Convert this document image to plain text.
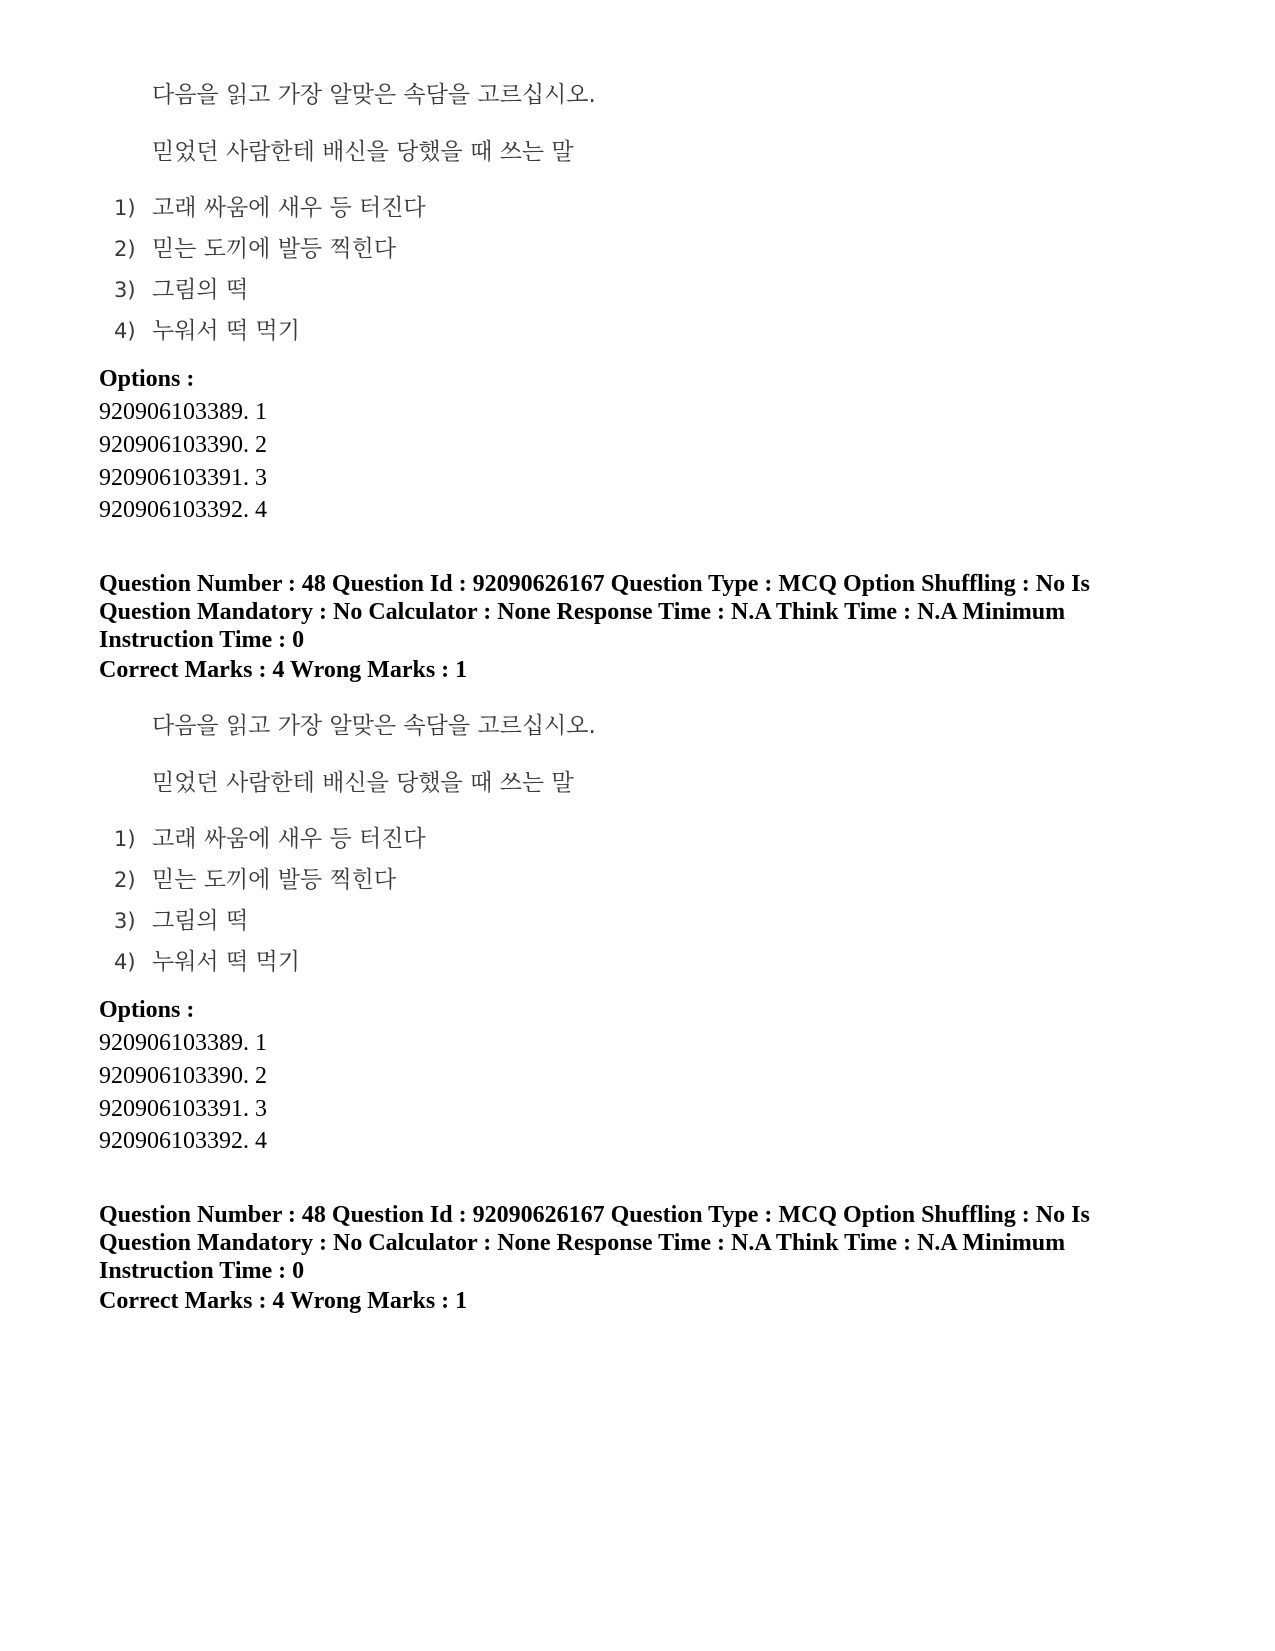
다음을 읽고 가장 알맞은 속담을 고르십시오.
믿었던 사람한테 배신을 당했을 때 쓰는 말
1) 고래 싸움에 새우 등 터진다
2) 믿는 도끼에 발등 찍힌다
3) 그림의 떡
4) 누워서 떡 먹기
Options :
920906103389. 1
920906103390. 2
920906103391. 3
920906103392. 4
Question Number : 48 Question Id : 92090626167 Question Type : MCQ Option Shuffling : No Is Question Mandatory : No Calculator : None Response Time : N.A Think Time : N.A Minimum Instruction Time : 0
Correct Marks : 4 Wrong Marks : 1
다음을 읽고 가장 알맞은 속담을 고르십시오.
믿었던 사람한테 배신을 당했을 때 쓰는 말
1) 고래 싸움에 새우 등 터진다
2) 믿는 도끼에 발등 찍힌다
3) 그림의 떡
4) 누워서 떡 먹기
Options :
920906103389. 1
920906103390. 2
920906103391. 3
920906103392. 4
Question Number : 48 Question Id : 92090626167 Question Type : MCQ Option Shuffling : No Is Question Mandatory : No Calculator : None Response Time : N.A Think Time : N.A Minimum Instruction Time : 0
Correct Marks : 4 Wrong Marks : 1
